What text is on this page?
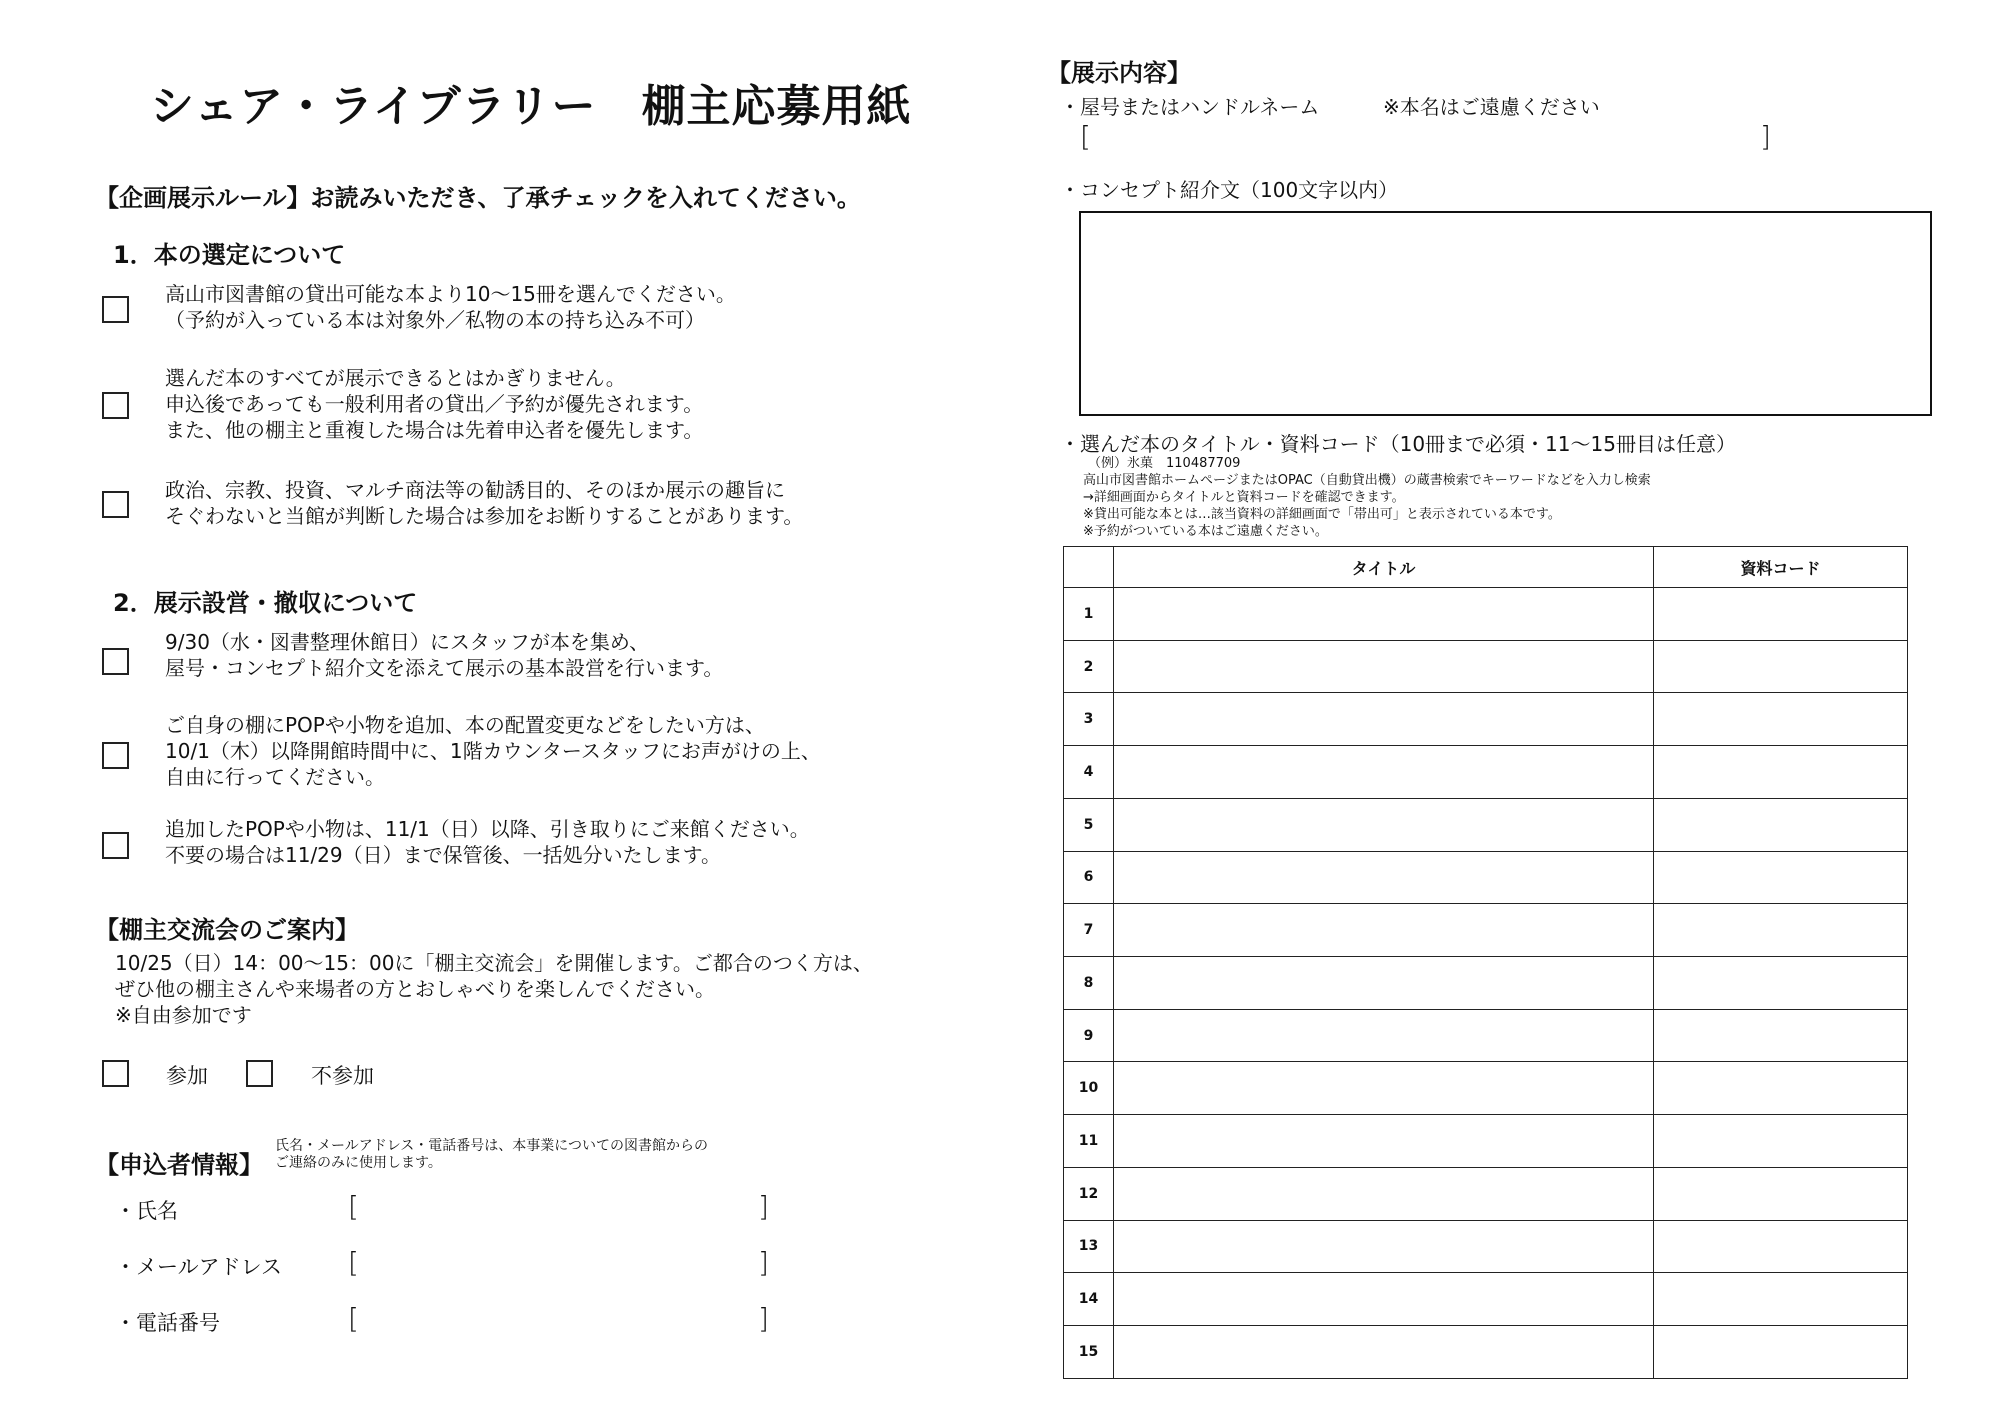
シェア・ライブラリー　棚主応募用紙
【企画展示ルール】お読みいただき、了承チェックを入れてください。
1．本の選定について
高山市図書館の貸出可能な本より10〜15冊を選んでください。
（予約が入っている本は対象外／私物の本の持ち込み不可）
選んだ本のすべてが展示できるとはかぎりません。
申込後であっても一般利用者の貸出／予約が優先されます。
また、他の棚主と重複した場合は先着申込者を優先します。
政治、宗教、投資、マルチ商法等の勧誘目的、そのほか展示の趣旨に
そぐわないと当館が判断した場合は参加をお断りすることがあります。
2．展示設営・撤収について
9/30（水・図書整理休館日）にスタッフが本を集め、
屋号・コンセプト紹介文を添えて展示の基本設営を行います。
ご自身の棚にPOPや小物を追加、本の配置変更などをしたい方は、
10/1（木）以降開館時間中に、1階カウンタースタッフにお声がけの上、
自由に行ってください。
追加したPOPや小物は、11/1（日）以降、引き取りにご来館ください。
不要の場合は11/29（日）まで保管後、一括処分いたします。
【棚主交流会のご案内】
10/25（日）14：00〜15：00に「棚主交流会」を開催します。ご都合のつく方は、
ぜひ他の棚主さんや来場者の方とおしゃべりを楽しんでください。
※自由参加です
参加	不参加
【申込者情報】
氏名・メールアドレス・電話番号は、本事業についての図書館からの
ご連絡のみに使用します。
・氏名	[	]
・メールアドレス [	]
・電話番号	[	]
【展示内容】
・屋号またはハンドルネーム	※本名はご遠慮ください
[	]
・コンセプト紹介文（100文字以内）
・選んだ本のタイトル・資料コード（10冊まで必須・11〜15冊目は任意）
（例）氷菓　110487709
高山市図書館ホームページまたはOPAC（自動貸出機）の蔵書検索でキーワードなどを入力し検索
→詳細画面からタイトルと資料コードを確認できます。
※貸出可能な本とは…該当資料の詳細画面で「帯出可」と表示されている本です。
※予約がついている本はご遠慮ください。
	タイトル	資料コード
1		
2		
3		
4		
5		
6		
7		
8		
9		
10		
11		
12		
13		
14		
15		
